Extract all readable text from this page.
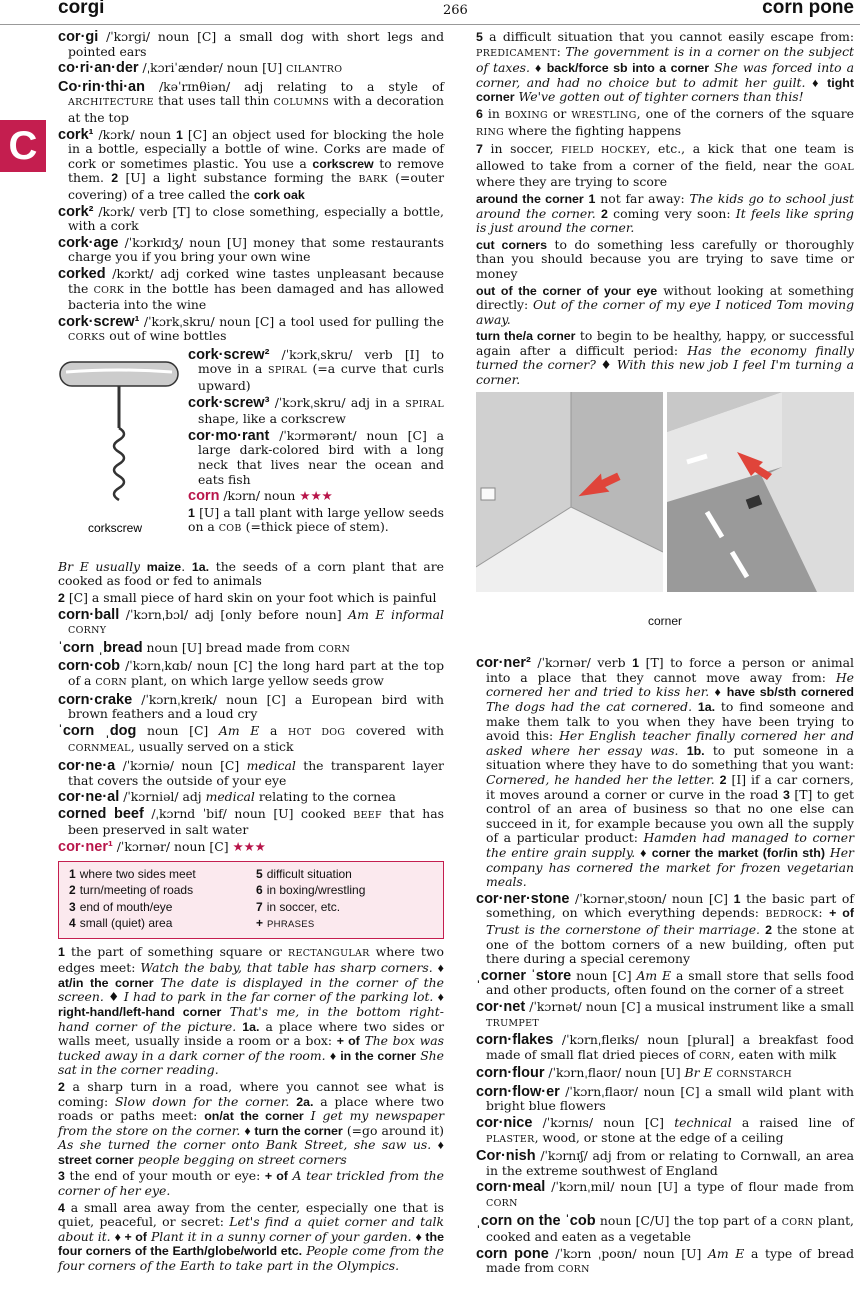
corgi	266	corn pone
C

cor·gi /ˈkɔrgi/ noun [C] a small dog with short legs and pointed ears

co·ri·an·der /ˌkɔriˈændər/ noun [U] CILANTRO

Co·rin·thi·an /kəˈrɪnθiən/ adj relating to a style of ARCHITECTURE that uses tall thin COLUMNS with a decoration at the top

cork¹ /kɔrk/ noun 1 [C] an object used for blocking the hole in a bottle, especially a bottle of wine. Corks are made of cork or sometimes plastic. You use a corkscrew to remove them. 2 [U] a light substance forming the BARK (=outer covering) of a tree called the cork oak

cork² /kɔrk/ verb [T] to close something, especially a bottle, with a cork

cork·age /ˈkɔrkɪdʒ/ noun [U] money that some restaurants charge you if you bring your own wine

corked /kɔrkt/ adj corked wine tastes unpleasant because the CORK in the bottle has been damaged and has allowed bacteria into the wine

cork·screw¹ /ˈkɔrkˌskru/ noun [C] a tool used for pulling the CORKS out of wine bottles

corkscrew

cork·screw² /ˈkɔrkˌskru/ verb [I] to move in a SPIRAL (=a curve that curls upward)

cork·screw³ /ˈkɔrkˌskru/ adj in a SPIRAL shape, like a corkscrew

cor·mo·rant /ˈkɔrmərənt/ noun [C] a large dark-colored bird with a long neck that lives near the ocean and eats fish

corn /kɔrn/ noun ★★★

1 [U] a tall plant with large yellow seeds on a COB (=thick piece of stem).

Br E usually maize. 1a. the seeds of a corn plant that are cooked as food or fed to animals

2 [C] a small piece of hard skin on your foot which is painful

corn·ball /ˈkɔrnˌbɔl/ adj [only before noun] Am E informal CORNY

ˈcorn ˌbread noun [U] bread made from CORN

corn·cob /ˈkɔrnˌkɑb/ noun [C] the long hard part at the top of a CORN plant, on which large yellow seeds grow

corn·crake /ˈkɔrnˌkreɪk/ noun [C] a European bird with brown feathers and a loud cry

ˈcorn ˌdog noun [C] Am E a HOT DOG covered with CORNMEAL, usually served on a stick

cor·ne·a /ˈkɔrniə/ noun [C] medical the transparent layer that covers the outside of your eye

cor·ne·al /ˈkɔrniəl/ adj medical relating to the cornea

corned beef /ˌkɔrnd ˈbif/ noun [U] cooked BEEF that has been preserved in salt water

cor·ner¹ /ˈkɔrnər/ noun [C] ★★★

1 where two sides meet	5 difficult situation
2 turn/meeting of roads	6 in boxing/wrestling
3 end of mouth/eye	7 in soccer, etc.
4 small (quiet) area	+ PHRASES

1 the part of something square or RECTANGULAR where two edges meet: Watch the baby, that table has sharp corners. ♦ at/in the corner The date is displayed in the corner of the screen. ♦ I had to park in the far corner of the parking lot. ♦ right-hand/left-hand corner That's me, in the bottom right-hand corner of the picture. 1a. a place where two sides or walls meet, usually inside a room or a box: + of The box was tucked away in a dark corner of the room. ♦ in the corner She sat in the corner reading.

2 a sharp turn in a road, where you cannot see what is coming: Slow down for the corner. 2a. a place where two roads or paths meet: on/at the corner I get my newspaper from the store on the corner. ♦ turn the corner (=go around it) As she turned the corner onto Bank Street, she saw us. ♦ street corner people begging on street corners

3 the end of your mouth or eye: + of A tear trickled from the corner of her eye.

4 a small area away from the center, especially one that is quiet, peaceful, or secret: Let's find a quiet corner and talk about it. ♦ + of Plant it in a sunny corner of your garden. ♦ the four corners of the Earth/globe/world etc. People come from the four corners of the Earth to take part in the Olympics.

5 a difficult situation that you cannot easily escape from: PREDICAMENT: The government is in a corner on the subject of taxes. ♦ back/force sb into a corner She was forced into a corner, and had no choice but to admit her guilt. ♦ tight corner We've gotten out of tighter corners than this!

6 in BOXING or WRESTLING, one of the corners of the square RING where the fighting happens

7 in soccer, FIELD HOCKEY, etc., a kick that one team is allowed to take from a corner of the field, near the GOAL where they are trying to score

around the corner 1 not far away: The kids go to school just around the corner. 2 coming very soon: It feels like spring is just around the corner.

cut corners to do something less carefully or thoroughly than you should because you are trying to save time or money

out of the corner of your eye without looking at something directly: Out of the corner of my eye I noticed Tom moving away.

turn the/a corner to begin to be healthy, happy, or successful again after a difficult period: Has the economy finally turned the corner? ♦ With this new job I feel I'm turning a corner.

corner

cor·ner² /ˈkɔrnər/ verb 1 [T] to force a person or animal into a place that they cannot move away from: He cornered her and tried to kiss her. ♦ have sb/sth cornered The dogs had the cat cornered. 1a. to find someone and make them talk to you when they have been trying to avoid this: Her English teacher finally cornered her and asked where her essay was. 1b. to put someone in a situation where they have to do something that you want: Cornered, he handed her the letter. 2 [I] if a car corners, it moves around a corner or curve in the road 3 [T] to get control of an area of business so that no one else can succeed in it, for example because you own all the supply of a particular product: Hamden had managed to corner the entire grain supply. ♦ corner the market (for/in sth) Her company has cornered the market for frozen vegetarian meals.

cor·ner·stone /ˈkɔrnərˌstoʊn/ noun [C] 1 the basic part of something, on which everything depends: BEDROCK: + of Trust is the cornerstone of their marriage. 2 the stone at one of the bottom corners of a new building, often put there during a special ceremony

ˌcorner ˈstore noun [C] Am E a small store that sells food and other products, often found on the corner of a street

cor·net /ˈkɔrnət/ noun [C] a musical instrument like a small TRUMPET

corn·flakes /ˈkɔrnˌfleɪks/ noun [plural] a breakfast food made of small flat dried pieces of CORN, eaten with milk

corn·flour /ˈkɔrnˌflaʊr/ noun [U] Br E CORNSTARCH

corn·flow·er /ˈkɔrnˌflaʊr/ noun [C] a small wild plant with bright blue flowers

cor·nice /ˈkɔrnɪs/ noun [C] technical a raised line of PLASTER, wood, or stone at the edge of a ceiling

Cor·nish /ˈkɔrnɪʃ/ adj from or relating to Cornwall, an area in the extreme southwest of England

corn·meal /ˈkɔrnˌmil/ noun [U] a type of flour made from CORN

ˌcorn on the ˈcob noun [C/U] the top part of a CORN plant, cooked and eaten as a vegetable

corn pone /ˈkɔrn ˌpoʊn/ noun [U] Am E a type of bread made from CORN
